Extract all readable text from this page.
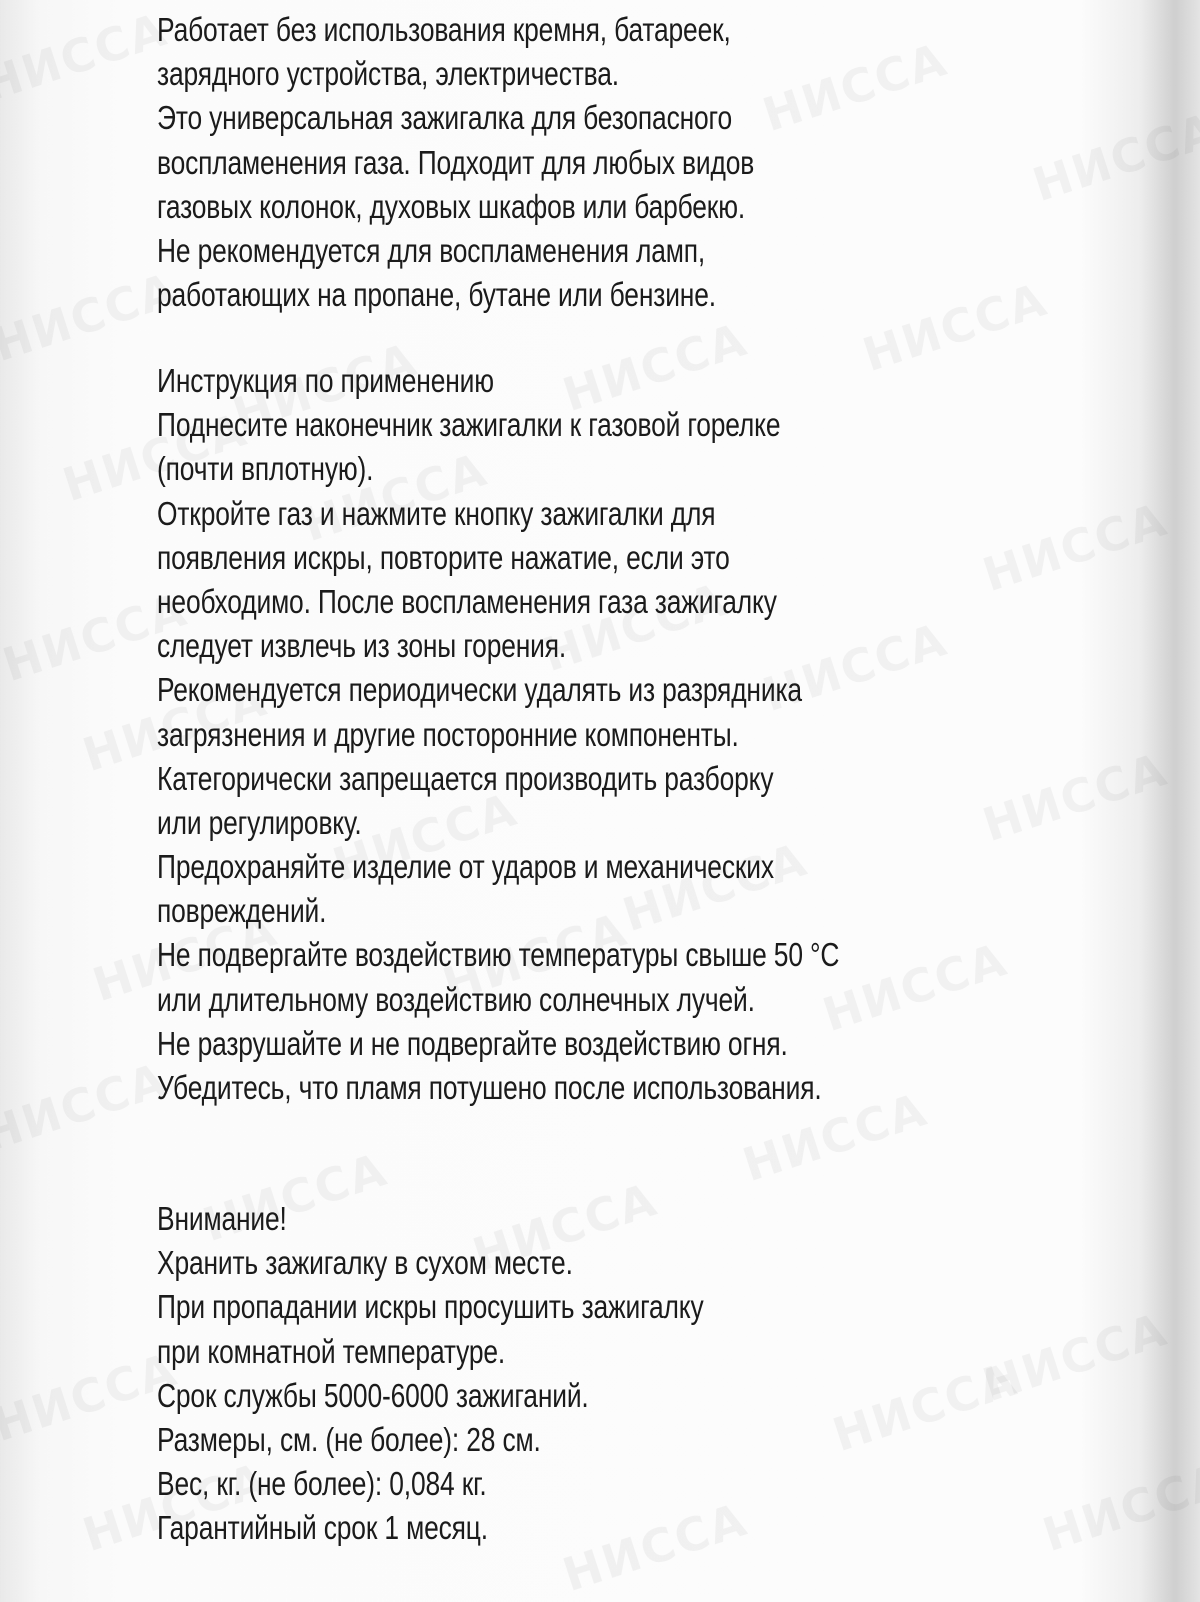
Работает без использования кремня, батареек,
зарядного устройства, электричества.
Это универсальная зажигалка для безопасного
воспламенения газа. Подходит для любых видов
газовых колонок, духовых шкафов или барбекю.
Не рекомендуется для воспламенения ламп,
работающих на пропане, бутане или бензине.
Инструкция по применению
Поднесите наконечник зажигалки к газовой горелке
(почти вплотную).
Откройте газ и нажмите кнопку зажигалки для
появления искры, повторите нажатие, если это
необходимо. После воспламенения газа зажигалку
следует извлечь из зоны горения.
Рекомендуется периодически удалять из разрядника
загрязнения и другие посторонние компоненты.
Категорически запрещается производить разборку
или регулировку.
Предохраняйте изделие от ударов и механических
повреждений.
Не подвергайте воздействию температуры свыше 50 °C
или длительному воздействию солнечных лучей.
Не разрушайте и не подвергайте воздействию огня.
Убедитесь, что пламя потушено после использования.
Внимание!
Хранить зажигалку в сухом месте.
При пропадании искры просушить зажигалку
при комнатной температуре.
Срок службы 5000-6000 зажиганий.
Размеры, см. (не более): 28 см.
Вес, кг. (не более): 0,084 кг.
Гарантийный срок 1 месяц.
